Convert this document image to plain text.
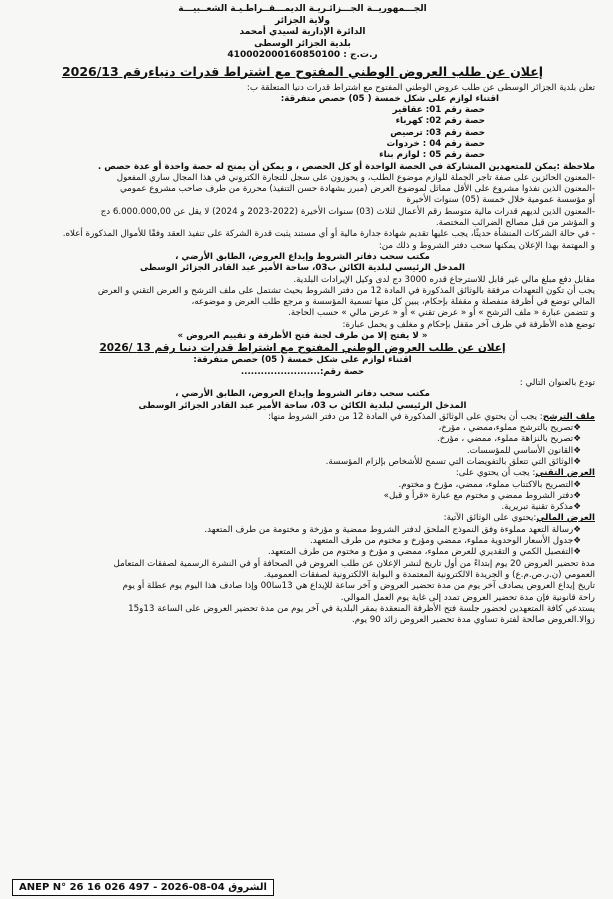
الجـــمهوريــة الجـــزائـريـة الديمـــقــراطـيـة الشعــبيـــة
ولاية الجزائر
الدائرة الإدارية لسيدي أمحمد
بلدية الجزائر الوسطى
ر.ت.ج : 410002000160850100
إعلان عن طلب العروض الوطني المفتوح مع اشتراط قدرات دنياءرقم 2026/13

تعلن بلدية الجزائر الوسطى عن طلب عروض الوطني المفتوح مع اشتراط قدرات دنيا المتعلقة ب:

اقتناء لوازم على شكل خمسة ( 05) حصص متفرقة:

حصة رقم 01: عقاقير

حصة رقم 02: كهرباء

حصة رقم 03: ترصيص

حصة رقم 04 : خردوات

حصة رقم 05 : لوازم بناء

ملاحظة :يمكن للمتعهدين المشاركة في الحصة الواحدة أو كل الحصص ، و يمكن أن يمنح له حصة واحدة أو عدة حصص .

-المعنون الحائزين على صفة تاجر الجملة للوازم موضوع الطلب، و يحوزون على سجل للتجارة الكتروني في هذا المجال ساري المفعول

-المعنون الذين نفذوا مشروع على الأقل مماثل لموضوع العرض (مبرر بشهادة حسن التنفيذ) محررة من طرف صاحب مشروع عمومي

أو مؤسسة عمومية خلال خمسة (05) سنوات الأخيرة

-المعنون الذين لديهم قدرات مالية متوسط رقم الأعمال لثلاث (03) سنوات الأخيرة (2022-2023 و 2024) لا يقل عن 6.000.000,00 دج

و المؤشر من قبل مصالح الضرائب المختصة.

- في حالة الشركات المنشأة حديثًا، يجب عليها تقديم شهادة جدارة مالية أو أي مستند يثبت قدرة الشركة على تنفيذ العقد وفقًا للأموال المذكورة أعلاه.

و المهتمة بهذا الإعلان يمكنها سحب دفتر الشروط و ذلك من:

مكتب سحب دفاتر الشروط وإيداع العروض، الطابق الأرضي ،

المدخل الرئيسي لبلدية الكائن ب03، ساحة الأمير عبد القادر الجزائر الوسطى

مقابل دفع مبلغ مالي غير قابل للاسترجاع قدره 3000 دج لدى وكيل الإيرادات البلدية.

يجب أن تكون التعهدات مرفقة بالوثائق المذكورة في المادة 12 من دفتر الشروط بحيث تشتمل على ملف الترشح و العرض التقني و العرض

المالي توضع في أظرفة منفصلة و مقفلة بإحكام، يبين كل منها تسمية المؤسسة و مرجع طلب العرض و موضوعه،

و تتضمن عبارة « ملف الترشح » أو « عرض تقني » أو « عرض مالي » حسب الحاجة.

توضع هذه الأظرفة في ظرف آخر مقفل بإحكام و مغلف و يحمل عبارة:

« لا يفتح إلا من طرف لجنة فتح الأظرفة و تقييم العروض »

إعلان عن طلب العروض الوطني المفتوح مع اشتراط قدرات دنيا رقم 13 /2026

اقتناء لوازم على شكل خمسة ( 05) حصص متفرقة:

حصة رقم:........................

تودع بالعنوان التالي :

مكتب سحب دفاتر الشروط وإيداع العروض، الطابق الأرضي ،

المدخل الرئيسي لبلدية الكائن ب 03، ساحة الأمير عبد القادر الجزائر الوسطى

ملف الترشح: يجب أن يحتوي على الوثائق المذكورة في المادة 12 من دفتر الشروط منها:

❖ تصريح بالترشح مملوء،ممضي ، مؤرخ،

❖ تصريح بالنزاهة مملوء، ممضي ، مؤرخ.

❖ القانون الأساسي للمؤسسات.

❖ الوثائق التي تتعلق بالتفويضات التي تسمح للأشخاص بإلزام المؤسسة.

العرض التقني: يجب أن يحتوي على:

❖ التصريح بالاكتتاب مملوء، ممضي، مؤرخ و مختوم.

❖ دفتر الشروط ممضي و مختوم مع عبارة «قرأ و قبل»

❖ مذكرة تقنية تبريرية.

العرض المالي:يحتوي على الوثائق الآتية:

❖ رسالة التعهد مملوءة وفق النموذج الملحق لدفتر الشروط ممضية و مؤرخة و مختومة من طرف المتعهد.

❖ جدول الأسعار الوحدوية مملوء، ممضي ومؤرخ و مختوم من طرف المتعهد.

❖ التفصيل الكمي و التقديري للعرض مملوء، ممضي و مؤرخ و مختوم من طرف المتعهد.

مدة تحضير العروض 20 يوم إبتداءً من أول تاريخ لنشر الإعلان عن طلب العروض في الصحافة أو في النشرة الرسمية لصفقات المتعامل

العمومي (ن.ر.ص.م.ع) و الجريدة الالكترونية المعتمدة و البوابة الالكترونية لصفقات العمومية.

تاريخ إيداع العروض يصادف آخر يوم من مدة تحضير العروض و آخر ساعة للإيداع هي 13سا00 وإذا صادف هذا اليوم يوم عطلة أو يوم

راحة قانونية فإن مدة تحضير العروض تمدد إلى غاية يوم العمل الموالي.

يستدعي كافة المتعهدين لحضور جلسة فتح الأظرفة المنعقدة بمقر البلدية في آخر يوم من مدة تحضير العروض على الساعة 13و15

زوالا.العروض صالحة لفترة تساوي مدة تحضير العروض زائد 90 يوم.

ANEP N° 26 16 026 497 - 2026-08-04 الشروق
